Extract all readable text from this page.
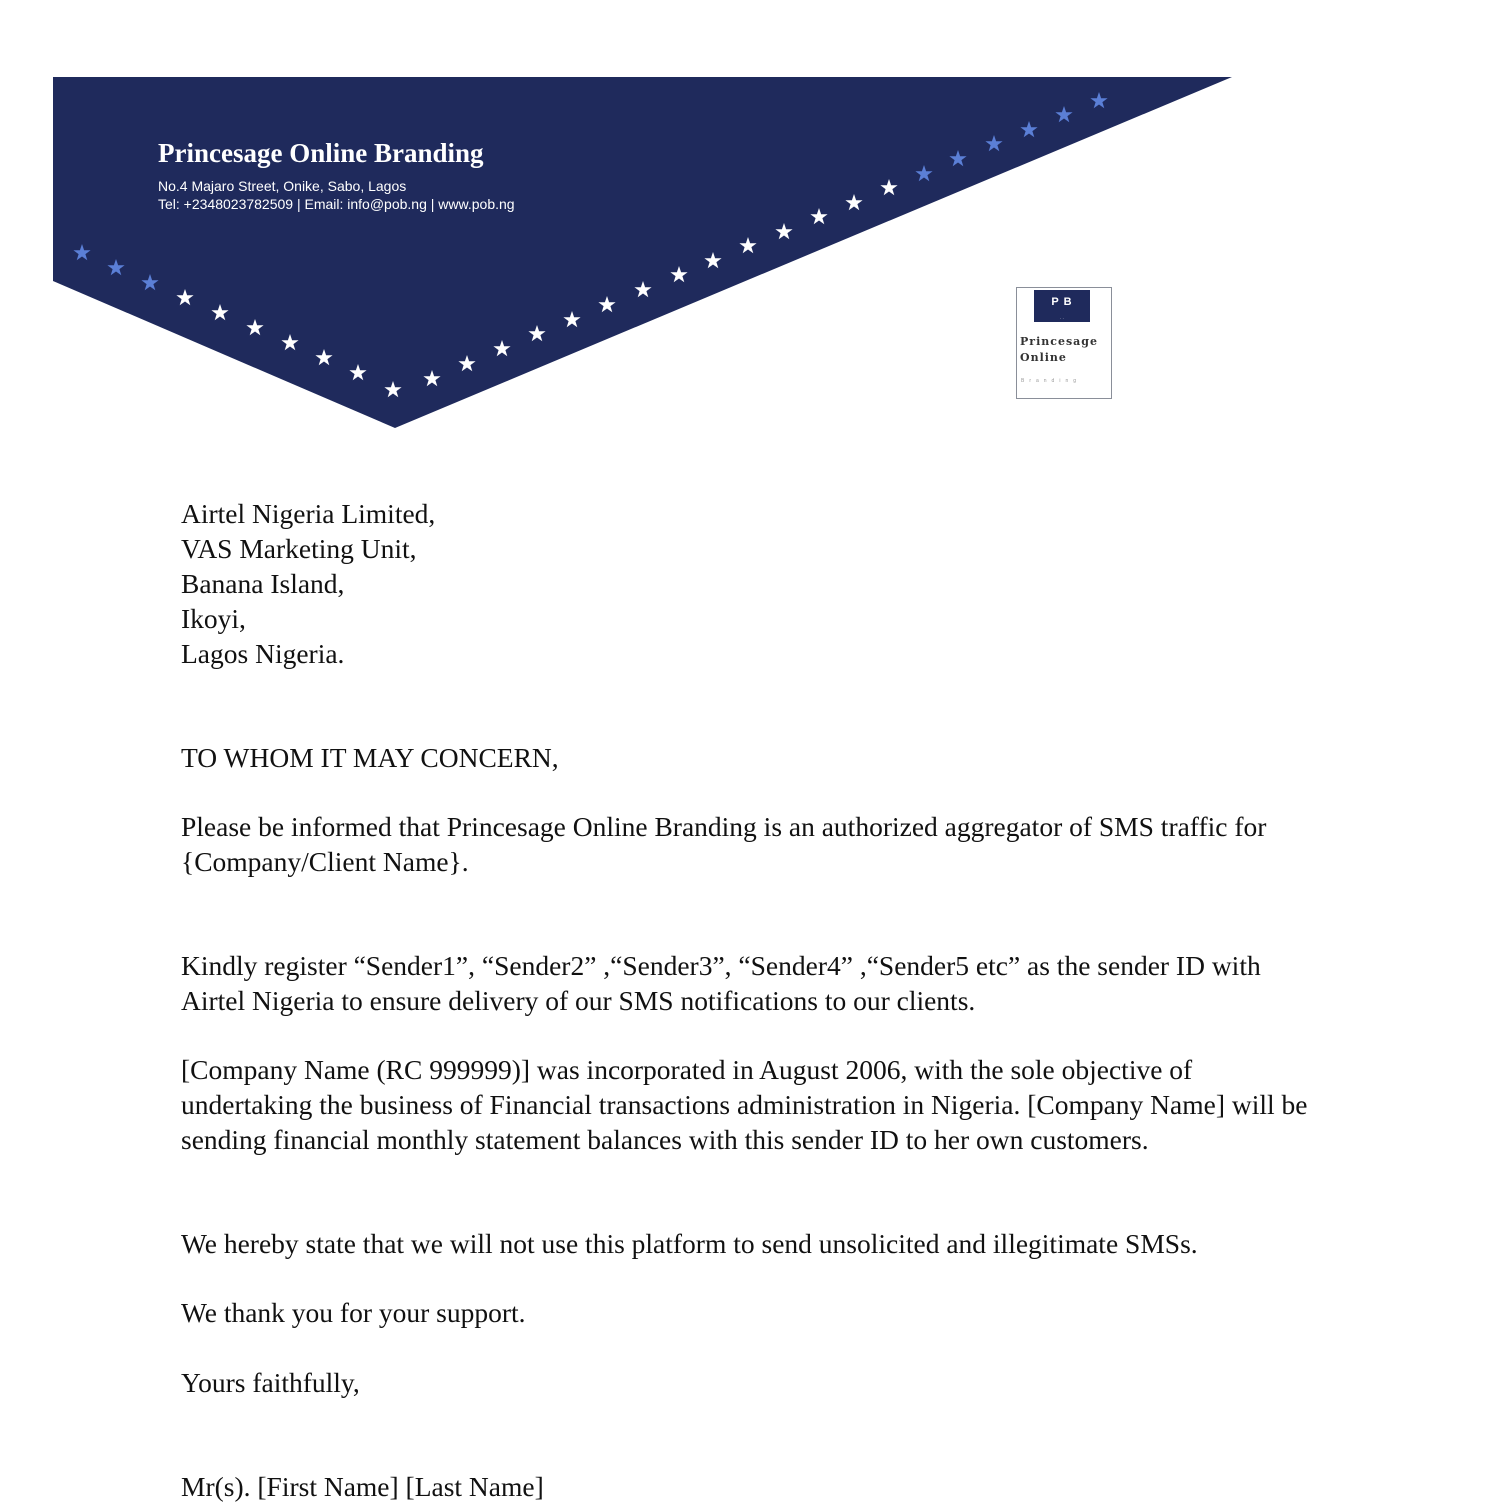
Princesage Online Branding
No.4 Majaro Street, Onike, Sabo, Lagos
Tel: +2348023782509 | Email: info@pob.ng | www.pob.ng
P B
· ·
Princesage
Online
Branding
Airtel Nigeria Limited,
VAS Marketing Unit,
Banana Island,
Ikoyi,
Lagos Nigeria.
TO WHOM IT MAY CONCERN,
Please be informed that Princesage Online Branding is an authorized aggregator of SMS traffic for {Company/Client Name}.
Kindly register “Sender1”, “Sender2” ,“Sender3”, “Sender4” ,“Sender5 etc” as the sender ID with Airtel Nigeria to ensure delivery of our SMS notifications to our clients.
[Company Name (RC 999999)] was incorporated in August 2006, with the sole objective of undertaking the business of Financial transactions administration in Nigeria. [Company Name] will be sending financial monthly statement balances with this sender ID to her own customers.
We hereby state that we will not use this platform to send unsolicited and illegitimate SMSs.
We thank you for your support.
Yours faithfully,
Mr(s). [First Name] [Last Name]
